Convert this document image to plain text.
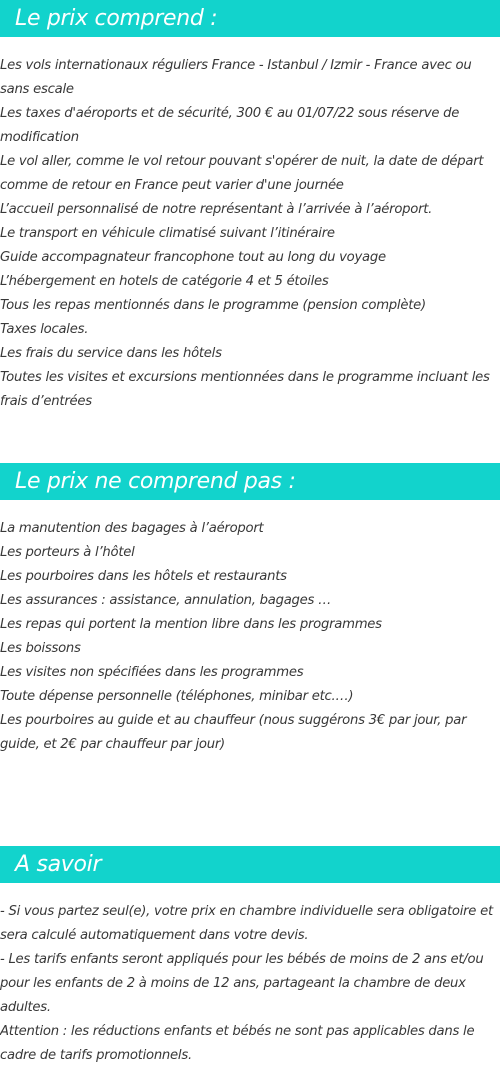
Le prix comprend :
Les vols internationaux réguliers France - Istanbul / Izmir - France avec ou sans escale
Les taxes d'aéroports et de sécurité, 300 € au 01/07/22 sous réserve de modification
Le vol aller, comme le vol retour pouvant s'opérer de nuit, la date de départ comme de retour en France peut varier d'une journée
L’accueil personnalisé de notre représentant à l’arrivée à l’aéroport.
Le transport en véhicule climatisé suivant l’itinéraire
Guide accompagnateur francophone tout au long du voyage
L’hébergement en hotels de catégorie 4 et 5 étoiles
Tous les repas mentionnés dans le programme (pension complète)
Taxes locales.
Les frais du service dans les hôtels
Toutes les visites et excursions mentionnées dans le programme incluant les frais d’entrées
Le prix ne comprend pas :
La manutention des bagages à l’aéroport
Les porteurs à l’hôtel
Les pourboires dans les hôtels et restaurants
Les assurances : assistance, annulation, bagages …
Les repas qui portent la mention libre dans les programmes
Les boissons
Les visites non spécifiées dans les programmes
Toute dépense personnelle (téléphones, minibar etc.…)
Les pourboires au guide et au chauffeur (nous suggérons 3€ par jour, par guide, et 2€ par chauffeur par jour)
A savoir
- Si vous partez seul(e), votre prix en chambre individuelle sera obligatoire et sera calculé automatiquement dans votre devis.
- Les tarifs enfants seront appliqués pour les bébés de moins de 2 ans et/ou pour les enfants de 2 à moins de 12 ans, partageant la chambre de deux adultes.
Attention : les réductions enfants et bébés ne sont pas applicables dans le cadre de tarifs promotionnels.
